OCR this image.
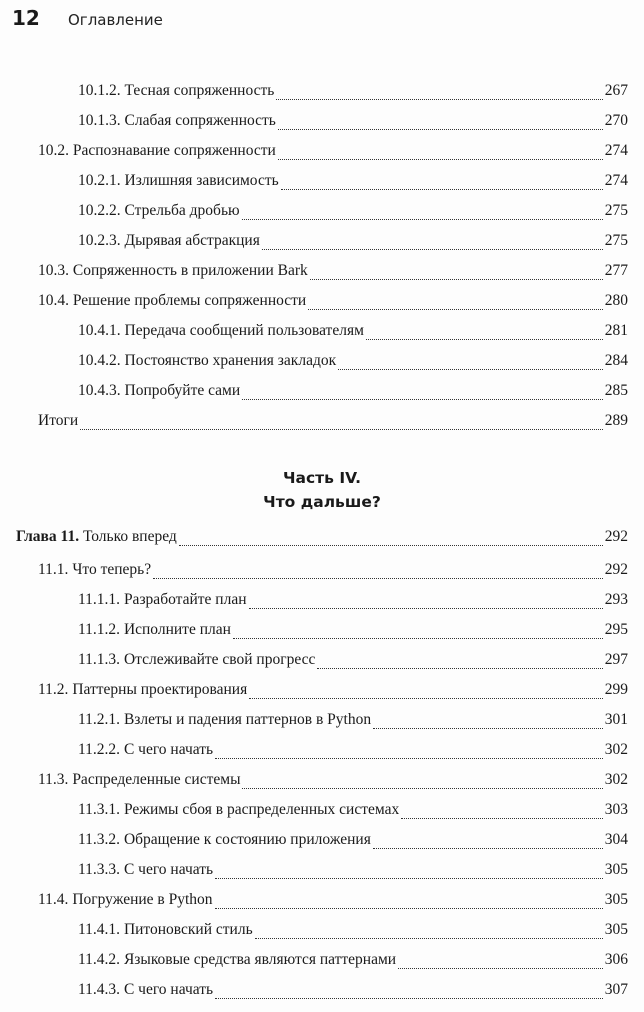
12	Оглавление
10.1.2. Тесная сопряженность	267
10.1.3. Слабая сопряженность	270
10.2. Распознавание сопряженности	274
10.2.1. Излишняя зависимость	274
10.2.2. Стрельба дробью	275
10.2.3. Дырявая абстракция	275
10.3. Сопряженность в приложении Bark	277
10.4. Решение проблемы сопряженности	280
10.4.1. Передача сообщений пользователям	281
10.4.2. Постоянство хранения закладок	284
10.4.3. Попробуйте сами	285
Итоги	289
Часть IV.
Что дальше?
Глава 11. Только вперед	292
11.1. Что теперь?	292
11.1.1. Разработайте план	293
11.1.2. Исполните план	295
11.1.3. Отслеживайте свой прогресс	297
11.2. Паттерны проектирования	299
11.2.1. Взлеты и падения паттернов в Python	301
11.2.2. С чего начать	302
11.3. Распределенные системы	302
11.3.1. Режимы сбоя в распределенных системах	303
11.3.2. Обращение к состоянию приложения	304
11.3.3. С чего начать	305
11.4. Погружение в Python	305
11.4.1. Питоновский стиль	305
11.4.2. Языковые средства являются паттернами	306
11.4.3. С чего начать	307
